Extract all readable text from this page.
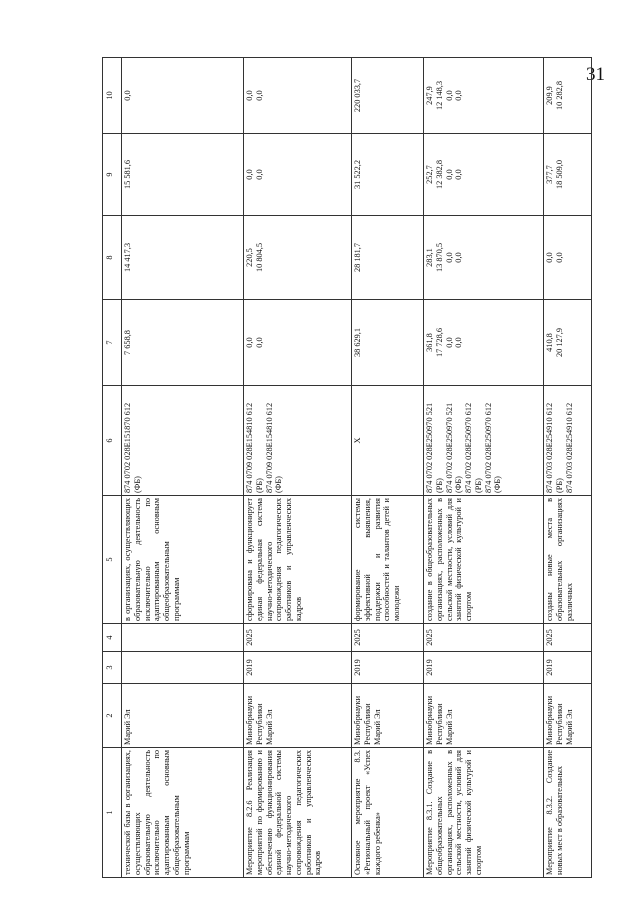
31
1	2	3	4	5	6	7	8	9	10
технической базы в организациях, осуществляющих образовательную деятельность исключительно по адаптированным основным общеобразовательным программам	Марий Эл			в организациях, осуществляющих образовательную деятельность исключительно по адаптированным основным общеобразовательным программам	874 0702 028E151870 612 (ФБ)	7 658,8	14 417,3	15 581,6	0,0

Мероприятие 8.2.6 Реализация мероприятий по формированию и обеспечению функционирования единой федеральной системы научно-методического сопровождения педагогических работников и управленческих кадров	Минобрнауки Республики Марий Эл	2019	2025	сформирована и функционирует единая федеральная система научно-методического сопровождения педагогических работников и управленческих кадров	874 0709 028E154810 612 (РБ) 874 0709 028E154810 612 (ФБ)	0,0 0,0	220,5 10 804,5	0,0 0,0	0,0 0,0

Основное мероприятие 8.3. «Региональный проект «Успех каждого ребенка»	Минобрнауки Республики Марий Эл	2019	2025	формирование системы эффективной выявления, поддержки и развития способностей и талантов детей и молодежи	X	38 629,1	28 181,7	31 522,2	220 033,7

Мероприятие 8.3.1. Создание в общеобразовательных организациях, расположенных в сельской местности, условий для занятий физической культурой и спортом	Минобрнауки Республики Марий Эл	2019	2025	создание в общеобразовательных организациях, расположенных в сельской местности, условий для занятий физической культурой и спортом	874 0702 028E250970 521 (РБ) 874 0702 028E250970 521 (ФБ) 874 0702 028E250970 612 (РБ) 874 0702 028E250970 612 (ФБ)	361,8 17 728,6 0,0 0,0	283,1 13 870,5 0,0 0,0	252,7 12 382,8 0,0 0,0	247,9 12 148,3 0,0 0,0

Мероприятие 8.3.2. Создание новых мест в образовательных	Минобрнауки Республики Марий Эл	2019	2025	созданы новые места в образовательных организациях различных	874 0703 028E254910 612 (РБ) 874 0703 028E254910 612	410,8 20 127,9	0,0 0,0	377,7 18 509,0	209,9 10 282,8
